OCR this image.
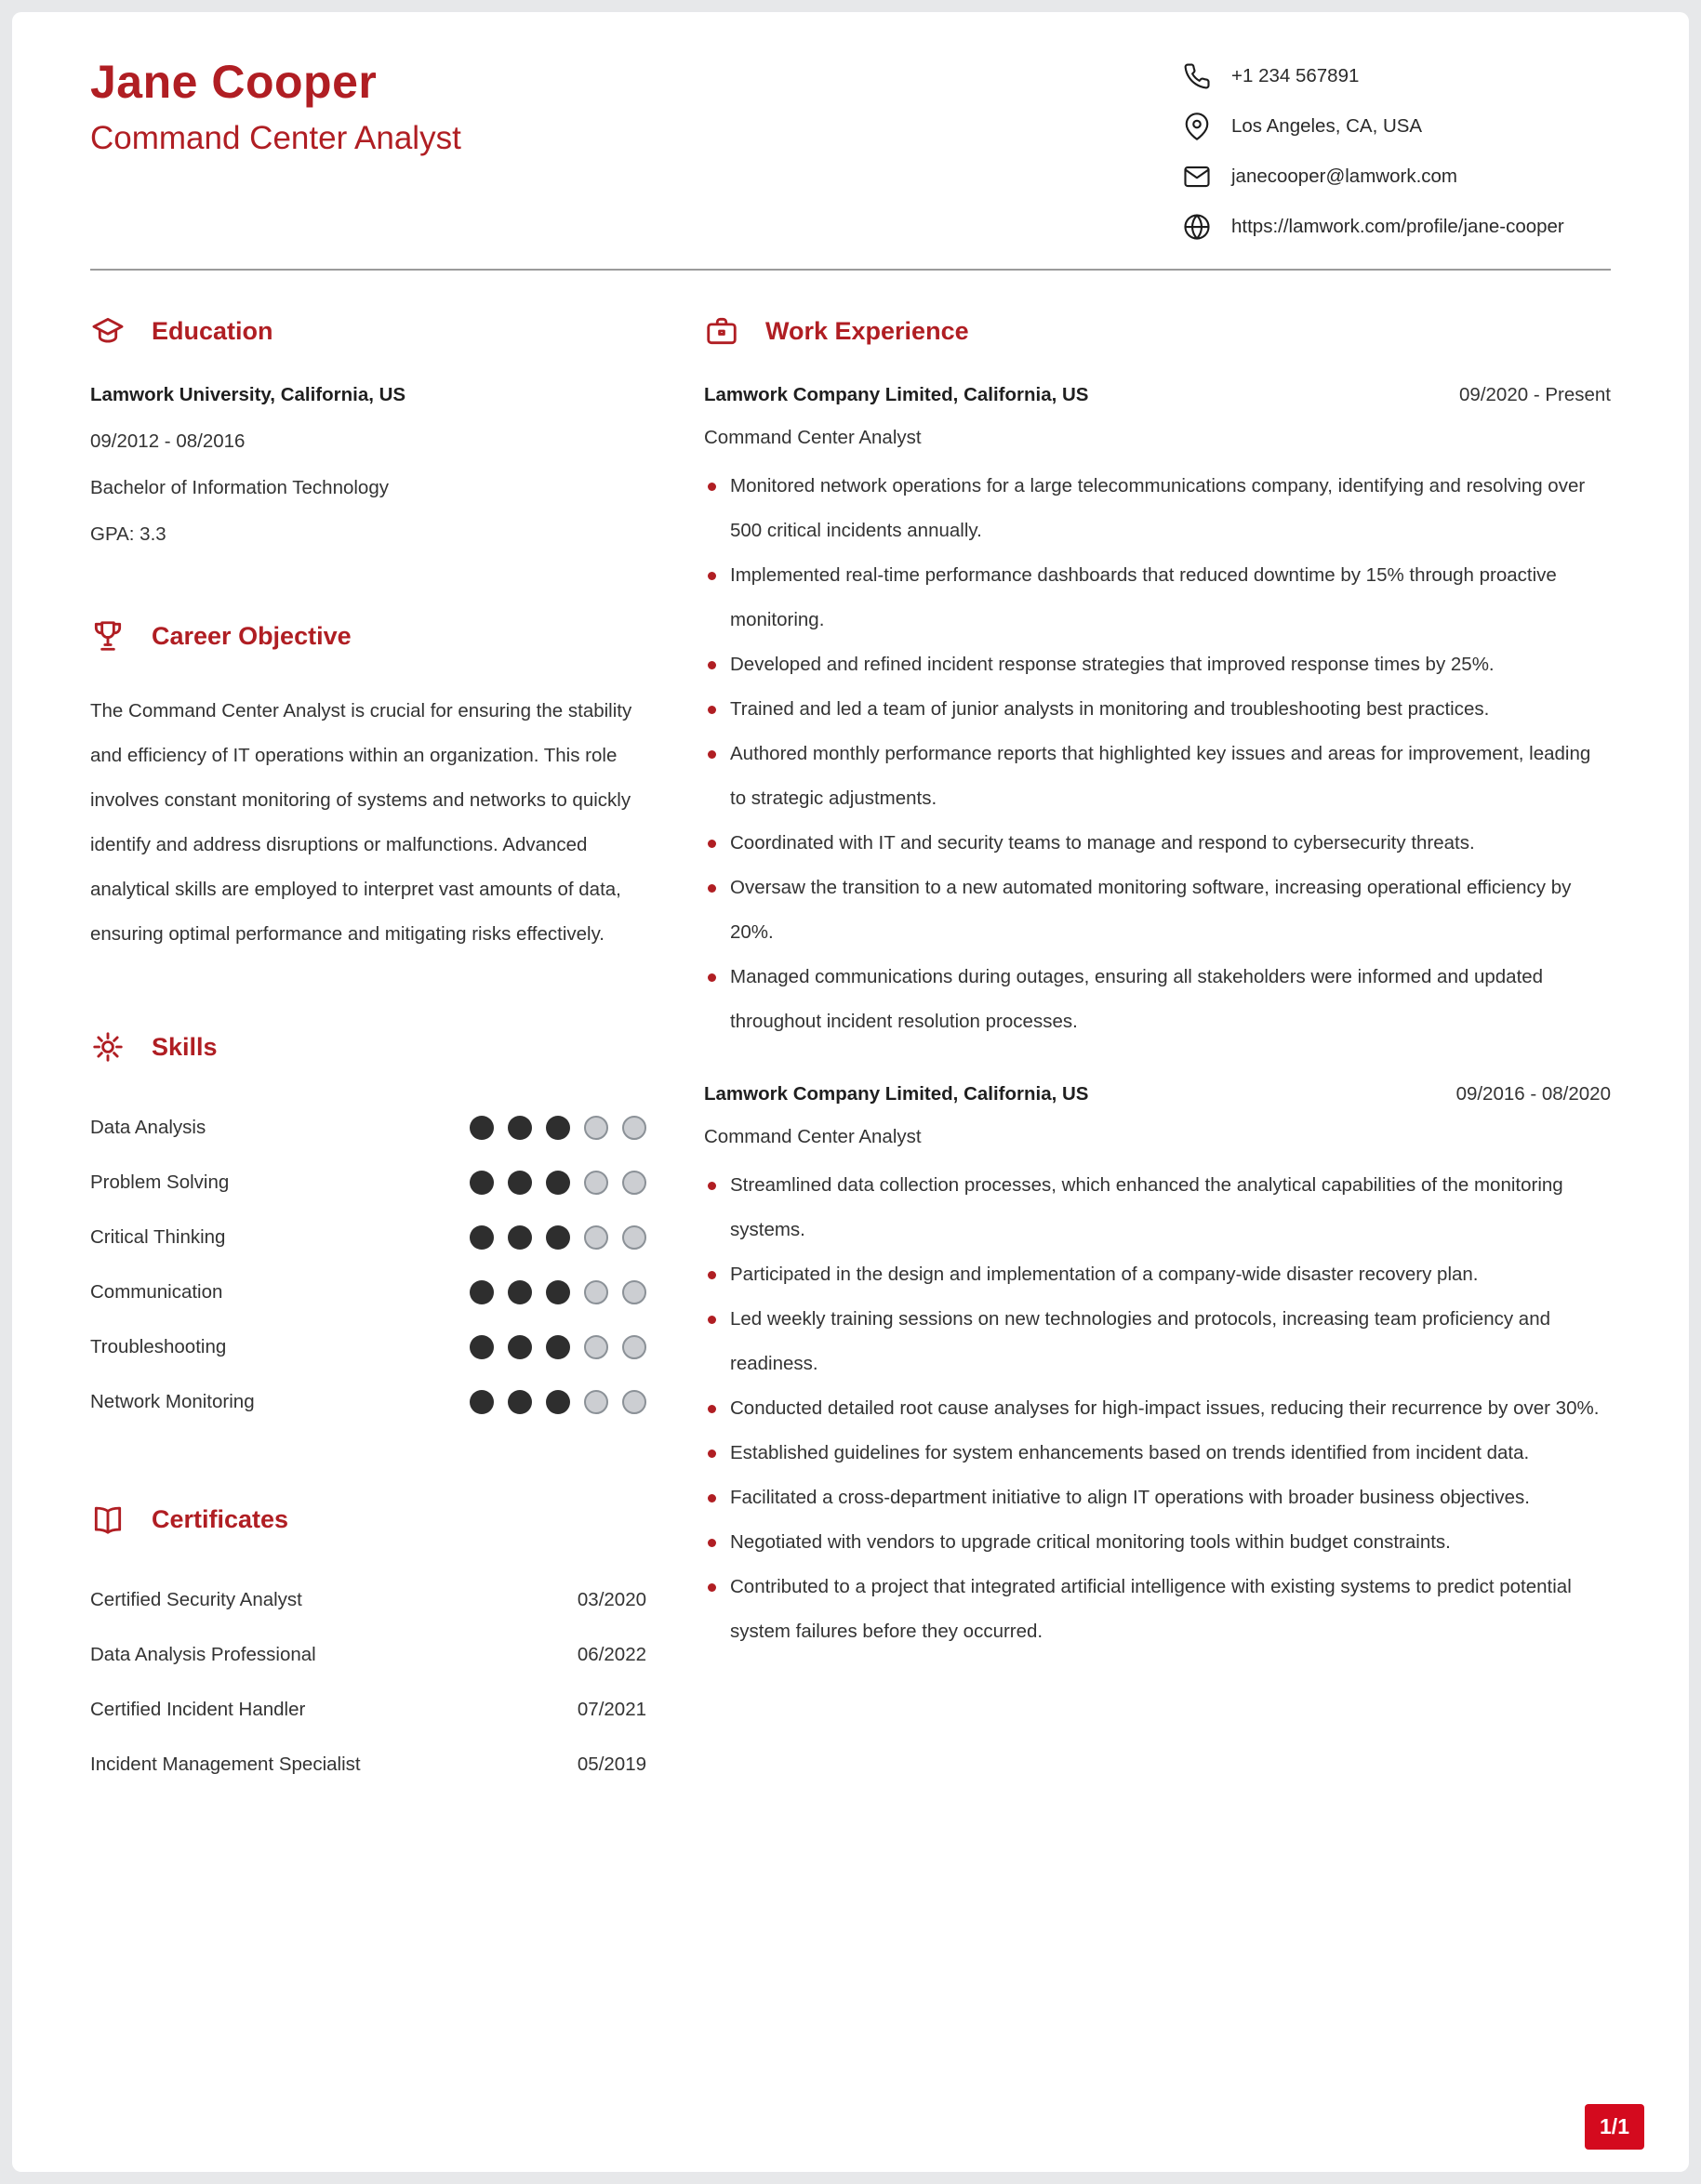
Jane Cooper
Command Center Analyst
+1 234 567891
Los Angeles, CA, USA
janecooper@lamwork.com
https://lamwork.com/profile/jane-cooper
Education
Lamwork University, California, US
09/2012 - 08/2016
Bachelor of Information Technology
GPA: 3.3
Career Objective

The Command Center Analyst is crucial for ensuring the stability and efficiency of IT operations within an organization. This role involves constant monitoring of systems and networks to quickly identify and address disruptions or malfunctions. Advanced analytical skills are employed to interpret vast amounts of data, ensuring optimal performance and mitigating risks effectively.

Skills
Data Analysis
Problem Solving
Critical Thinking
Communication
Troubleshooting
Network Monitoring
Certificates
Certified Security Analyst	03/2020
Data Analysis Professional	06/2022
Certified Incident Handler	07/2021
Incident Management Specialist	05/2019
Work Experience
Lamwork Company Limited, California, US	09/2020 - Present
Command Center Analyst
Monitored network operations for a large telecommunications company, identifying and resolving over 500 critical incidents annually.
Implemented real-time performance dashboards that reduced downtime by 15% through proactive monitoring.
Developed and refined incident response strategies that improved response times by 25%.
Trained and led a team of junior analysts in monitoring and troubleshooting best practices.
Authored monthly performance reports that highlighted key issues and areas for improvement, leading to strategic adjustments.
Coordinated with IT and security teams to manage and respond to cybersecurity threats.
Oversaw the transition to a new automated monitoring software, increasing operational efficiency by 20%.
Managed communications during outages, ensuring all stakeholders were informed and updated throughout incident resolution processes.
Lamwork Company Limited, California, US	09/2016 - 08/2020
Command Center Analyst
Streamlined data collection processes, which enhanced the analytical capabilities of the monitoring systems.
Participated in the design and implementation of a company-wide disaster recovery plan.
Led weekly training sessions on new technologies and protocols, increasing team proficiency and readiness.
Conducted detailed root cause analyses for high-impact issues, reducing their recurrence by over 30%.
Established guidelines for system enhancements based on trends identified from incident data.
Facilitated a cross-department initiative to align IT operations with broader business objectives.
Negotiated with vendors to upgrade critical monitoring tools within budget constraints.
Contributed to a project that integrated artificial intelligence with existing systems to predict potential system failures before they occurred.
1/1
